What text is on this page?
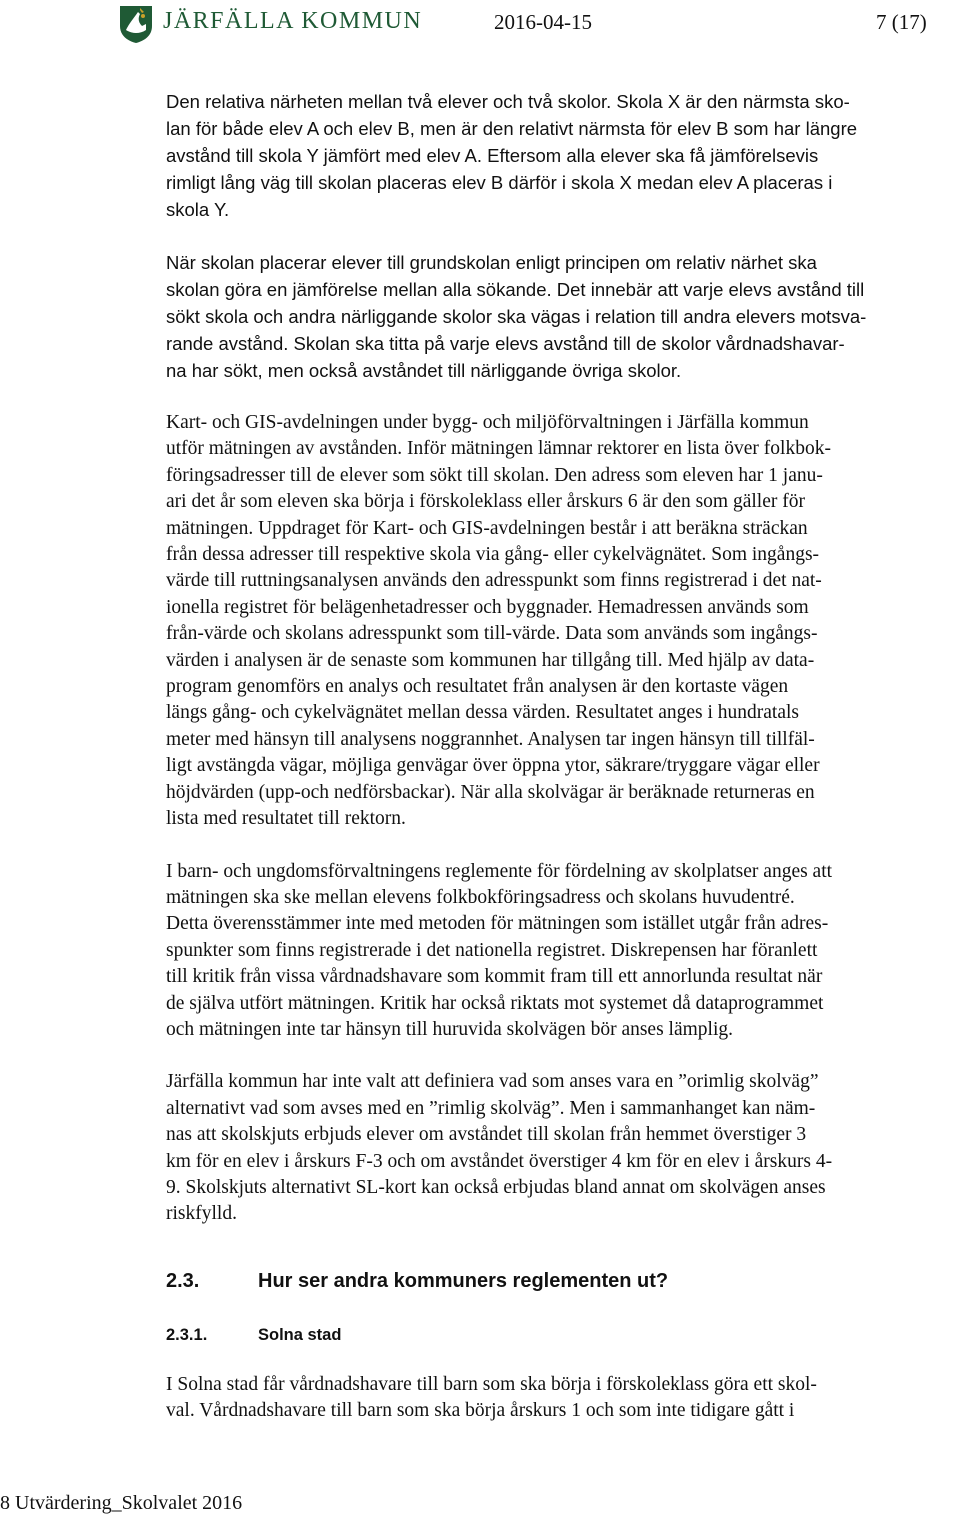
JÄRFÄLLA KOMMUN	2016-04-15	7 (17)

Den relativa närheten mellan två elever och två skolor. Skola X är den närmsta sko-
lan för både elev A och elev B, men är den relativt närmsta för elev B som har längre
avstånd till skola Y jämfört med elev A. Eftersom alla elever ska få jämförelsevis
rimligt lång väg till skolan placeras elev B därför i skola X medan elev A placeras i
skola Y.

När skolan placerar elever till grundskolan enligt principen om relativ närhet ska
skolan göra en jämförelse mellan alla sökande. Det innebär att varje elevs avstånd till
sökt skola och andra närliggande skolor ska vägas i relation till andra elevers motsva-
rande avstånd. Skolan ska titta på varje elevs avstånd till de skolor vårdnadshavar-
na har sökt, men också avståndet till närliggande övriga skolor.

Kart- och GIS-avdelningen under bygg- och miljöförvaltningen i Järfälla kommun
utför mätningen av avstånden. Inför mätningen lämnar rektorer en lista över folkbok-
föringsadresser till de elever som sökt till skolan. Den adress som eleven har 1 janu-
ari det år som eleven ska börja i förskoleklass eller årskurs 6 är den som gäller för
mätningen. Uppdraget för Kart- och GIS-avdelningen består i att beräkna sträckan
från dessa adresser till respektive skola via gång- eller cykelvägnätet. Som ingångs-
värde till ruttningsanalysen används den adresspunkt som finns registrerad i det nat-
ionella registret för belägenhetadresser och byggnader. Hemadressen används som
från-värde och skolans adresspunkt som till-värde. Data som används som ingångs-
värden i analysen är de senaste som kommunen har tillgång till. Med hjälp av data-
program genomförs en analys och resultatet från analysen är den kortaste vägen
längs gång- och cykelvägnätet mellan dessa värden. Resultatet anges i hundratals
meter med hänsyn till analysens noggrannhet. Analysen tar ingen hänsyn till tillfäl-
ligt avstängda vägar, möjliga genvägar över öppna ytor, säkrare/tryggare vägar eller
höjdvärden (upp-och nedförsbackar). När alla skolvägar är beräknade returneras en
lista med resultatet till rektorn.

I barn- och ungdomsförvaltningens reglemente för fördelning av skolplatser anges att
mätningen ska ske mellan elevens folkbokföringsadress och skolans huvudentré.
Detta överensstämmer inte med metoden för mätningen som istället utgår från adres-
spunkter som finns registrerade i det nationella registret. Diskrepensen har föranlett
till kritik från vissa vårdnadshavare som kommit fram till ett annorlunda resultat när
de själva utfört mätningen. Kritik har också riktats mot systemet då dataprogrammet
och mätningen inte tar hänsyn till huruvida skolvägen bör anses lämplig.

Järfälla kommun har inte valt att definiera vad som anses vara en ”orimlig skolväg”
alternativt vad som avses med en ”rimlig skolväg”. Men i sammanhanget kan näm-
nas att skolskjuts erbjuds elever om avståndet till skolan från hemmet överstiger 3
km för en elev i årskurs F-3 och om avståndet överstiger 4 km för en elev i årskurs 4-
9. Skolskjuts alternativt SL-kort kan också erbjudas bland annat om skolvägen anses
riskfylld.

2.3.	Hur ser andra kommuners reglementen ut?
2.3.1.	Solna stad

I Solna stad får vårdnadshavare till barn som ska börja i förskoleklass göra ett skol-
val. Vårdnadshavare till barn som ska börja årskurs 1 och som inte tidigare gått i

8 Utvärdering_Skolvalet 2016
